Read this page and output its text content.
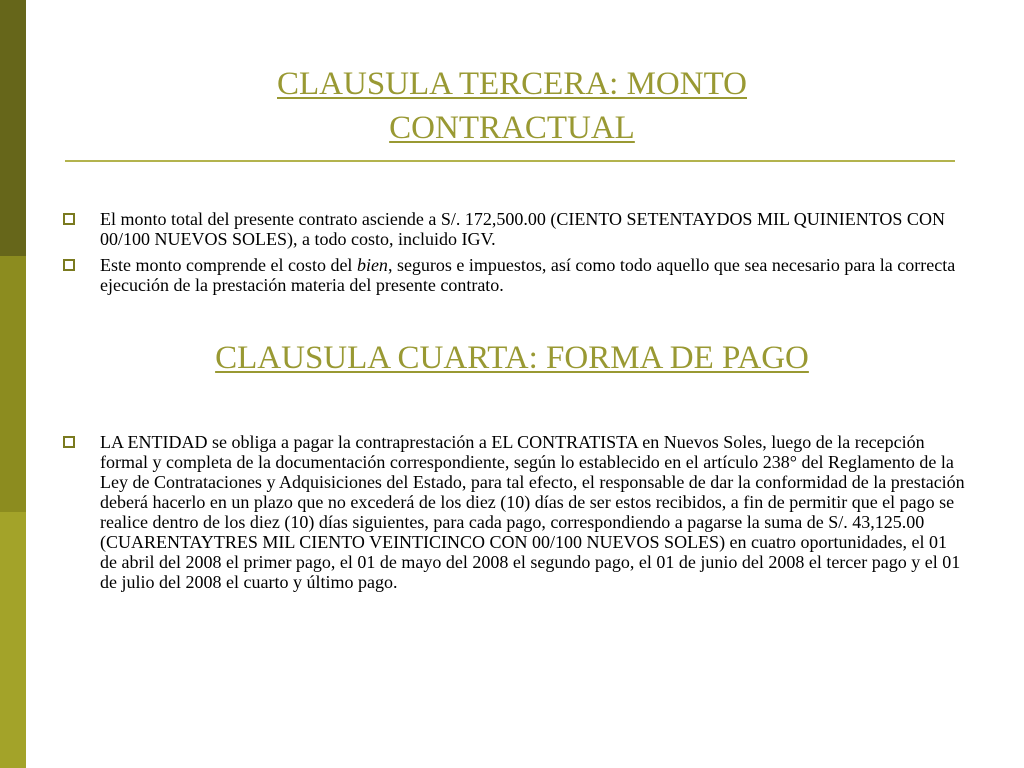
CLAUSULA TERCERA: MONTO
CONTRACTUAL
El monto total del presente contrato asciende a S/. 172,500.00 (CIENTO SETENTAYDOS MIL QUINIENTOS CON 00/100 NUEVOS SOLES), a todo costo, incluido IGV.
Este monto comprende el costo del bien, seguros e impuestos, así como todo aquello que sea necesario para la correcta ejecución de la prestación materia del presente contrato.
CLAUSULA CUARTA: FORMA DE PAGO
LA ENTIDAD se obliga a pagar la contraprestación a EL CONTRATISTA en Nuevos Soles, luego de la recepción formal y completa de la documentación correspondiente, según lo establecido en el artículo 238° del Reglamento de la Ley de Contrataciones y Adquisiciones del Estado, para tal efecto, el responsable de dar la conformidad de la prestación deberá hacerlo en un plazo que no excederá de los diez (10) días de ser estos recibidos, a fin de permitir que el pago se realice dentro de los diez (10) días siguientes, para cada pago, correspondiendo a pagarse la suma de S/. 43,125.00 (CUARENTAYTRES MIL CIENTO VEINTICINCO CON 00/100 NUEVOS SOLES) en cuatro oportunidades, el 01 de abril del 2008 el primer pago, el 01 de mayo del 2008 el segundo pago, el 01 de junio del 2008 el tercer pago y el 01 de julio del 2008 el cuarto y último pago.
